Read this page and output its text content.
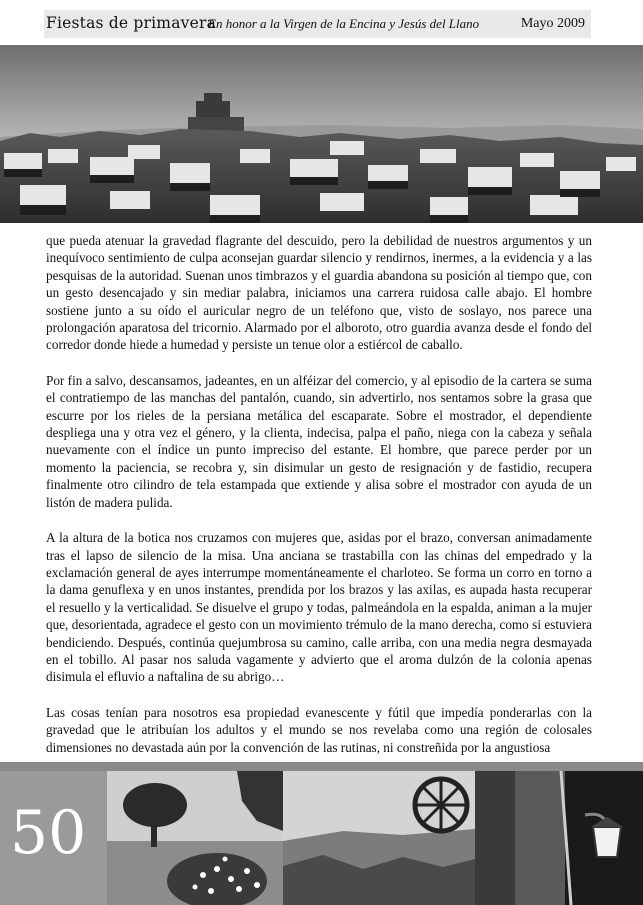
Fiestas de primavera
En honor a la Virgen de la Encina y Jesús del Llano	Mayo 2009

que pueda atenuar la gravedad flagrante del descuido, pero la debilidad de nuestros argumentos y un inequívoco sentimiento de culpa aconsejan guardar silencio y rendirnos, inermes, a la evidencia y a las pesquisas de la autoridad. Suenan unos timbrazos y el guardia abandona su posición al tiempo que, con un gesto desencajado y sin mediar palabra, iniciamos una carrera ruidosa calle abajo. El hombre sostiene junto a su oído el auricular negro de un teléfono que, visto de soslayo, nos parece una prolongación aparatosa del tricornio. Alarmado por el alboroto, otro guardia avanza desde el fondo del corredor donde hiede a humedad y persiste un tenue olor a estiércol de caballo.

Por fin a salvo, descansamos, jadeantes, en un alféizar del comercio, y al episodio de la cartera se suma el contratiempo de las manchas del pantalón, cuando, sin advertirlo, nos sentamos sobre la grasa que escurre por los rieles de la persiana metálica del escaparate. Sobre el mostrador, el dependiente despliega una y otra vez el género, y la clienta, indecisa, palpa el paño, niega con la cabeza y señala nuevamente con el índice un punto impreciso del estante. El hombre, que parece perder por un momento la paciencia, se recobra y, sin disimular un gesto de resignación y de fastidio, recupera finalmente otro cilindro de tela estampada que extiende y alisa sobre el mostrador con ayuda de un listón de madera pulida.

A la altura de la botica nos cruzamos con mujeres que, asidas por el brazo, conversan animadamente tras el lapso de silencio de la misa. Una anciana se trastabilla con las chinas del empedrado y la exclamación general de ayes interrumpe momentáneamente el charloteo. Se forma un corro en torno a la dama genuflexa y en unos instantes, prendida por los brazos y las axilas, es aupada hasta recuperar el resuello y la verticalidad. Se disuelve el grupo y todas, palmeándola en la espalda, animan a la mujer que, desorientada, agradece el gesto con un movimiento trémulo de la mano derecha, como si estuviera bendiciendo. Después, continúa quejumbrosa su camino, calle arriba, con una media negra desmayada en el tobillo. Al pasar nos saluda vagamente y advierto que el aroma dulzón de la colonia apenas disimula el efluvio a naftalina de su abrigo…

Las cosas tenían para nosotros esa propiedad evanescente y fútil que impedía ponderarlas con la gravedad que le atribuían los adultos y el mundo se nos revelaba como una región de colosales dimensiones no devastada aún por la convención de las rutinas, ni constreñida por la angustiosa

50
